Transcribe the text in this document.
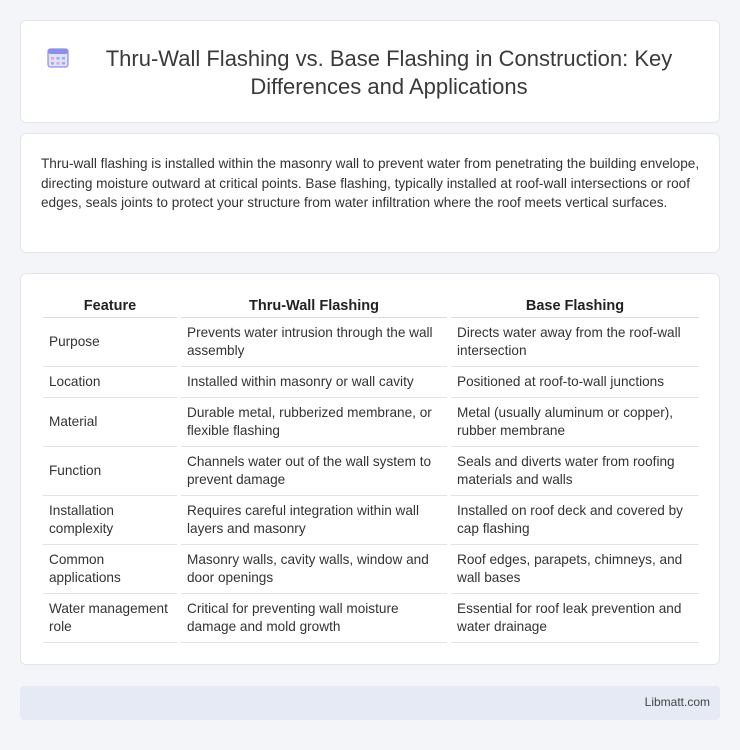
Thru-Wall Flashing vs. Base Flashing in Construction: Key Differences and Applications

Thru-wall flashing is installed within the masonry wall to prevent water from penetrating the building envelope, directing moisture outward at critical points. Base flashing, typically installed at roof-wall intersections or roof edges, seals joints to protect your structure from water infiltration where the roof meets vertical surfaces.

Feature	Thru-Wall Flashing	Base Flashing
Purpose	Prevents water intrusion through the wall assembly	Directs water away from the roof-wall intersection
Location	Installed within masonry or wall cavity	Positioned at roof-to-wall junctions
Material	Durable metal, rubberized membrane, or flexible flashing	Metal (usually aluminum or copper), rubber membrane
Function	Channels water out of the wall system to prevent damage	Seals and diverts water from roofing materials and walls
Installation complexity	Requires careful integration within wall layers and masonry	Installed on roof deck and covered by cap flashing
Common applications	Masonry walls, cavity walls, window and door openings	Roof edges, parapets, chimneys, and wall bases
Water management role	Critical for preventing wall moisture damage and mold growth	Essential for roof leak prevention and water drainage
Libmatt.com
